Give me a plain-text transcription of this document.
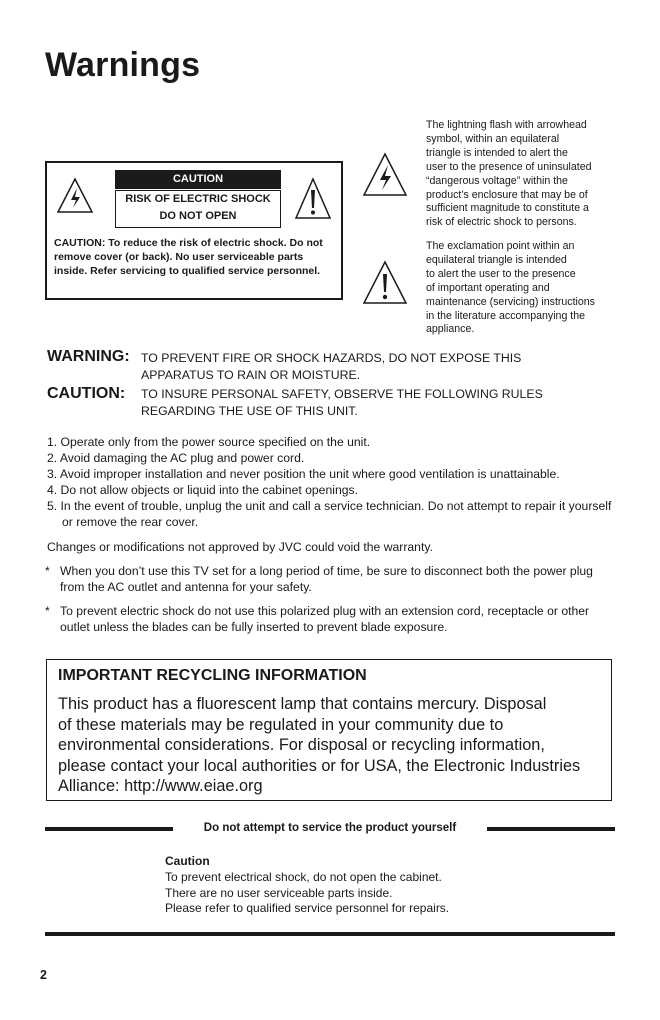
Warnings
CAUTION
RISK OF ELECTRIC SHOCK
DO NOT OPEN
CAUTION: To reduce the risk of electric shock. Do not remove cover (or back). No user serviceable parts inside. Refer servicing to qualified service personnel.
The lightning flash with arrowhead
symbol, within an equilateral
triangle is intended to alert the
user to the presence of uninsulated
“dangerous voltage” within the
product’s enclosure that may be of
sufficient magnitude to constitute a
risk of electric shock to persons.
The exclamation point within an
equilateral triangle is intended
to alert the user to the presence
of important operating and
maintenance (servicing) instructions
in the literature accompanying the
appliance.
WARNING: TO PREVENT FIRE OR SHOCK HAZARDS, DO NOT EXPOSE THIS
APPARATUS TO RAIN OR MOISTURE.
CAUTION: TO INSURE PERSONAL SAFETY, OBSERVE THE FOLLOWING RULES
REGARDING THE USE OF THIS UNIT.
1. Operate only from the power source specified on the unit.
2. Avoid damaging the AC plug and power cord.
3. Avoid improper installation and never position the unit where good ventilation is unattainable.
4. Do not allow objects or liquid into the cabinet openings.
5. In the event of trouble, unplug the unit and call a service technician. Do not attempt to repair it yourself or remove the rear cover.
Changes or modifications not approved by JVC could void the warranty.
* When you don’t use this TV set for a long period of time, be sure to disconnect both the power plug from the AC outlet and antenna for your safety.
* To prevent electric shock do not use this polarized plug with an extension cord, receptacle or other outlet unless the blades can be fully inserted to prevent blade exposure.
IMPORTANT RECYCLING INFORMATION
This product has a fluorescent lamp that contains mercury. Disposal
of these materials may be regulated in your community due to
environmental considerations. For disposal or recycling information,
please contact your local authorities or for USA, the Electronic Industries
Alliance: http://www.eiae.org
Do not attempt to service the product yourself
Caution
To prevent electrical shock, do not open the cabinet.
There are no user serviceable parts inside.
Please refer to qualified service personnel for repairs.
2
